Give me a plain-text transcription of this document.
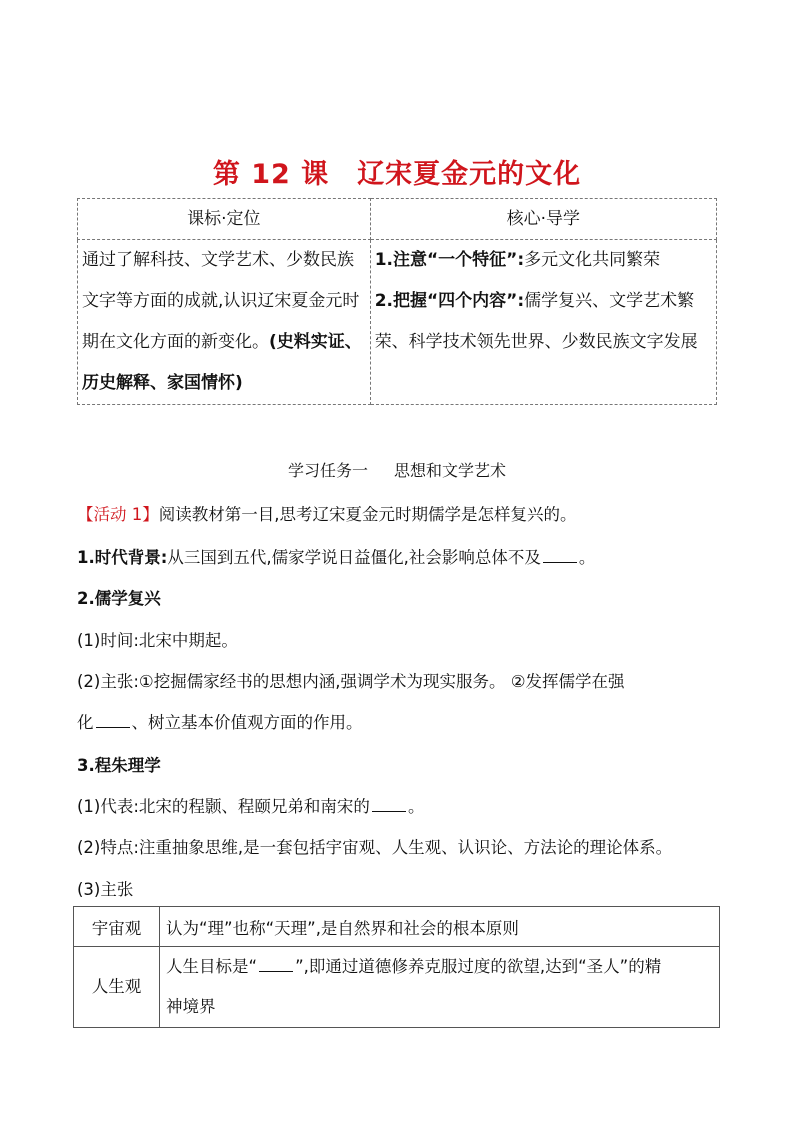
第 12 课 辽宋夏金元的文化
课标·定位	核心·导学
通过了解科技、文学艺术、少数民族文字等方面的成就,认识辽宋夏金元时期在文化方面的新变化。(史料实证、历史解释、家国情怀)	1.注意“一个特征”:多元文化共同繁荣
2.把握“四个内容”:儒学复兴、文学艺术繁荣、科学技术领先世界、少数民族文字发展
学习任务一 思想和文学艺术
【活动 1】阅读教材第一目,思考辽宋夏金元时期儒学是怎样复兴的。
1.时代背景:从三国到五代,儒家学说日益僵化,社会影响总体不及 。
2.儒学复兴
(1)时间:北宋中期起。
(2)主张:①挖掘儒家经书的思想内涵,强调学术为现实服务。 ②发挥儒学在强
化 、树立基本价值观方面的作用。
3.程朱理学
(1)代表:北宋的程颢、程颐兄弟和南宋的 。
(2)特点:注重抽象思维,是一套包括宇宙观、人生观、认识论、方法论的理论体系。
(3)主张
宇宙观	认为“理”也称“天理”,是自然界和社会的根本原则
人生观	人生目标是“ ”,即通过道德修养克服过度的欲望,达到“圣人”的精
神境界
